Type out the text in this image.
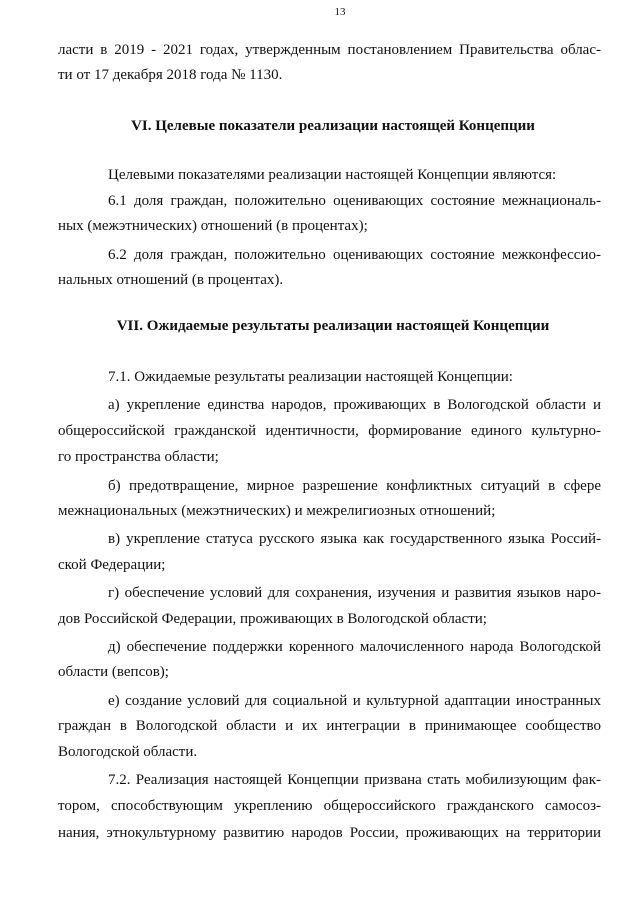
13
ласти в 2019 - 2021 годах, утвержденным постановлением Правительства облас-
ти от 17 декабря 2018 года № 1130.
VI. Целевые показатели реализации настоящей Концепции
Целевыми показателями реализации настоящей Концепции являются:
6.1 доля граждан, положительно оценивающих состояние межнациональ-
ных (межэтнических) отношений (в процентах);
6.2 доля граждан, положительно оценивающих состояние межконфессио-
нальных отношений (в процентах).
VII. Ожидаемые результаты реализации настоящей Концепции
7.1. Ожидаемые результаты реализации настоящей Концепции:
а) укрепление единства народов, проживающих в Вологодской области и
общероссийской гражданской идентичности, формирование единого культурно-
го пространства области;
б) предотвращение, мирное разрешение конфликтных ситуаций в сфере
межнациональных (межэтнических) и межрелигиозных отношений;
в) укрепление статуса русского языка как государственного языка Россий-
ской Федерации;
г) обеспечение условий для сохранения, изучения и развития языков наро-
дов Российской Федерации, проживающих в Вологодской области;
д) обеспечение поддержки коренного малочисленного народа Вологодской
области (вепсов);
е) создание условий для социальной и культурной адаптации иностранных
граждан в Вологодской области и их интеграции в принимающее сообщество
Вологодской области.
7.2. Реализация настоящей Концепции призвана стать мобилизующим фак-
тором, способствующим укреплению общероссийского гражданского самосоз-
нания, этнокультурному развитию народов России, проживающих на территории
